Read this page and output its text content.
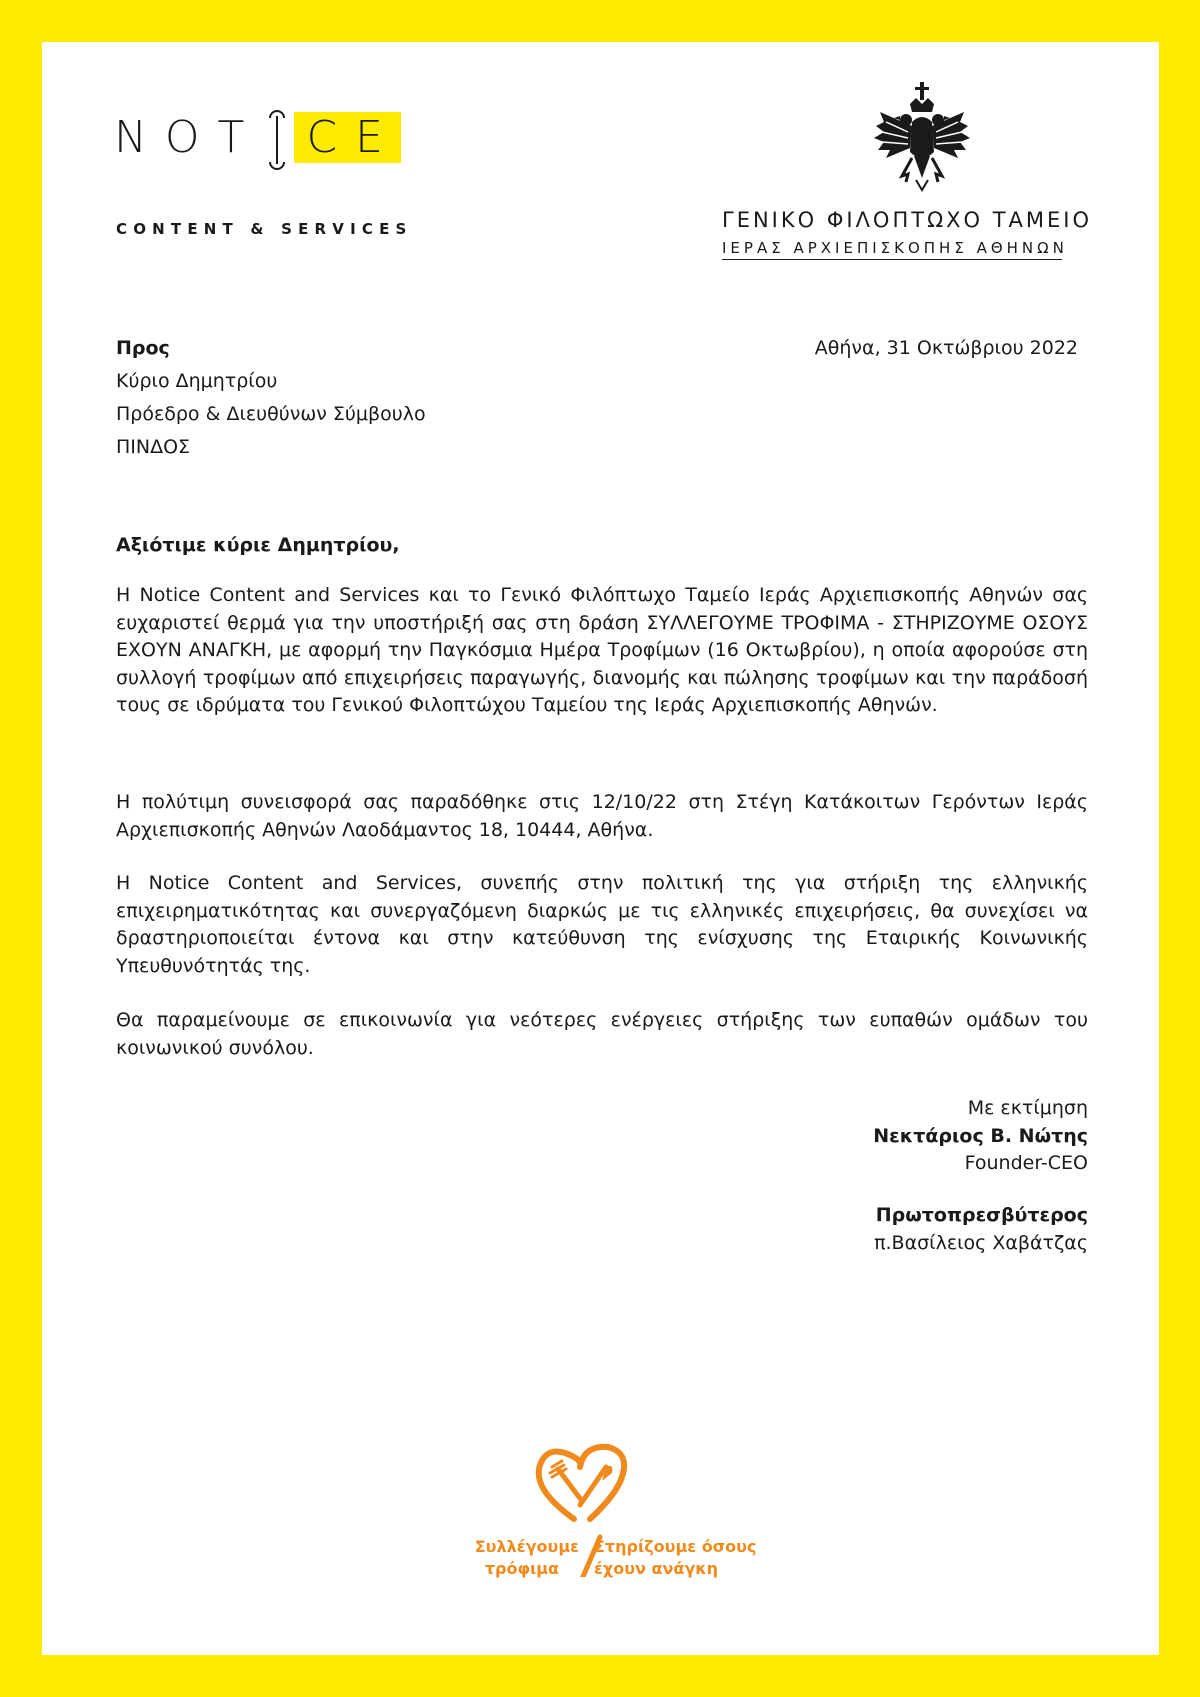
NOT CE
CONTENT & SERVICES	ΓΕΝΙΚΟ ΦΙΛΟΠΤΩΧΟ ΤΑΜΕΙΟ
ΙΕΡΑΣ ΑΡΧΙΕΠΙΣΚΟΠΗΣ ΑΘΗΝΩΝ
Προς
Κύριο Δημητρίου
Πρόεδρο & Διευθύνων Σύμβουλο
ΠΙΝΔΟΣ
Αθήνα, 31 Οκτώβριου 2022
Αξιότιμε κύριε Δημητρίου,
Η Notice Content and Services και το Γενικό Φιλόπτωχο Ταμείο Ιεράς Αρχιεπισκοπής Αθηνών σας ευχαριστεί θερμά για την υποστήριξή σας στη δράση ΣΥΛΛΕΓΟΥΜΕ ΤΡΟΦΙΜΑ - ΣΤΗΡΙΖΟΥΜΕ ΟΣΟΥΣ ΕΧΟΥΝ ΑΝΑΓΚΗ, με αφορμή την Παγκόσμια Ημέρα Τροφίμων (16 Οκτωβρίου), η οποία αφορούσε στη συλλογή τροφίμων από επιχειρήσεις παραγωγής, διανομής και πώλησης τροφίμων και την παράδοσή τους σε ιδρύματα του Γενικού Φιλοπτώχου Ταμείου της Ιεράς Αρχιεπισκοπής Αθηνών.
Η πολύτιμη συνεισφορά σας παραδόθηκε στις 12/10/22 στη Στέγη Κατάκοιτων Γερόντων Ιεράς Αρχιεπισκοπής Αθηνών Λαοδάμαντος 18, 10444, Αθήνα.
Η Notice Content and Services, συνεπής στην πολιτική της για στήριξη της ελληνικής επιχειρηματικότητας και συνεργαζόμενη διαρκώς με τις ελληνικές επιχειρήσεις, θα συνεχίσει να δραστηριοποιείται έντονα και στην κατεύθυνση της ενίσχυσης της Εταιρικής Κοινωνικής Υπευθυνότητάς της.
Θα παραμείνουμε σε επικοινωνία για νεότερες ενέργειες στήριξης των ευπαθών ομάδων του κοινωνικού συνόλου.
Με εκτίμηση
Νεκτάριος Β. Νώτης
Founder-CEO
Πρωτοπρεσβύτερος
π.Βασίλειος Χαβάτζας
Συλλέγουμε
τρόφιμα
Στηρίζουμε όσους
έχουν ανάγκη
